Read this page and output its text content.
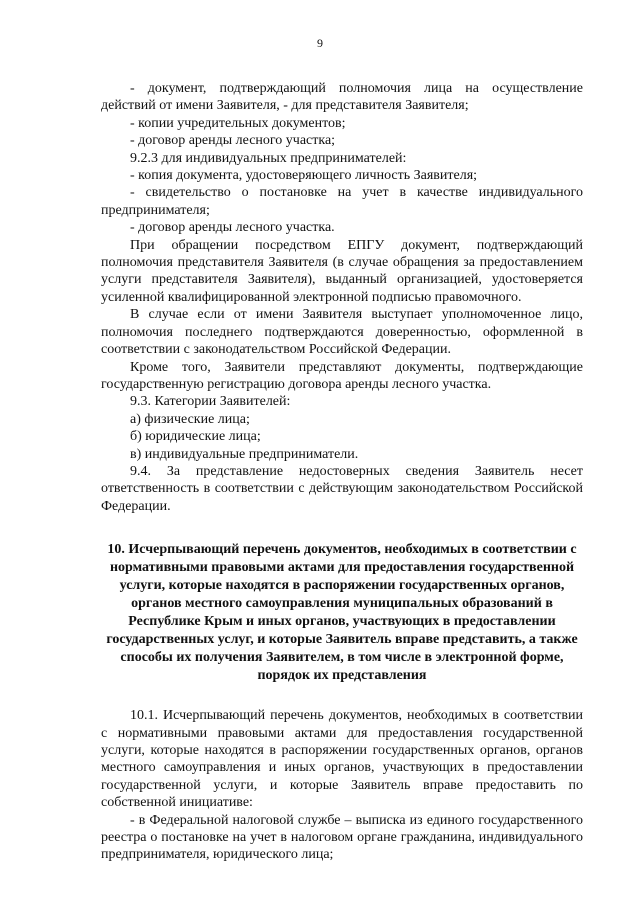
9

- документ, подтверждающий полномочия лица на осуществление действий от имени Заявителя, - для представителя Заявителя;

- копии учредительных документов;

- договор аренды лесного участка;

9.2.3 для индивидуальных предпринимателей:

- копия документа, удостоверяющего личность Заявителя;

- свидетельство о постановке на учет в качестве индивидуального предпринимателя;

- договор аренды лесного участка.

При обращении посредством ЕПГУ документ, подтверждающий полномочия представителя Заявителя (в случае обращения за предоставлением услуги представителя Заявителя), выданный организацией, удостоверяется усиленной квалифицированной электронной подписью правомочного.

В случае если от имени Заявителя выступает уполномоченное лицо, полномочия последнего подтверждаются доверенностью, оформленной в соответствии с законодательством Российской Федерации.

Кроме того, Заявители представляют документы, подтверждающие государственную регистрацию договора аренды лесного участка.

9.3. Категории Заявителей:

а) физические лица;

б) юридические лица;

в) индивидуальные предприниматели.

9.4. За представление недостоверных сведения Заявитель несет ответственность в соответствии с действующим законодательством Российской Федерации.

10. Исчерпывающий перечень документов, необходимых в соответствии с нормативными правовыми актами для предоставления государственной услуги, которые находятся в распоряжении государственных органов, органов местного самоуправления муниципальных образований в Республике Крым и иных органов, участвующих в предоставлении государственных услуг, и которые Заявитель вправе представить, а также способы их получения Заявителем, в том числе в электронной форме, порядок их представления

10.1. Исчерпывающий перечень документов, необходимых в соответствии с нормативными правовыми актами для предоставления государственной услуги, которые находятся в распоряжении государственных органов, органов местного самоуправления и иных органов, участвующих в предоставлении государственной услуги, и которые Заявитель вправе предоставить по собственной инициативе:

- в Федеральной налоговой службе – выписка из единого государственного реестра о постановке на учет в налоговом органе гражданина, индивидуального предпринимателя, юридического лица;
